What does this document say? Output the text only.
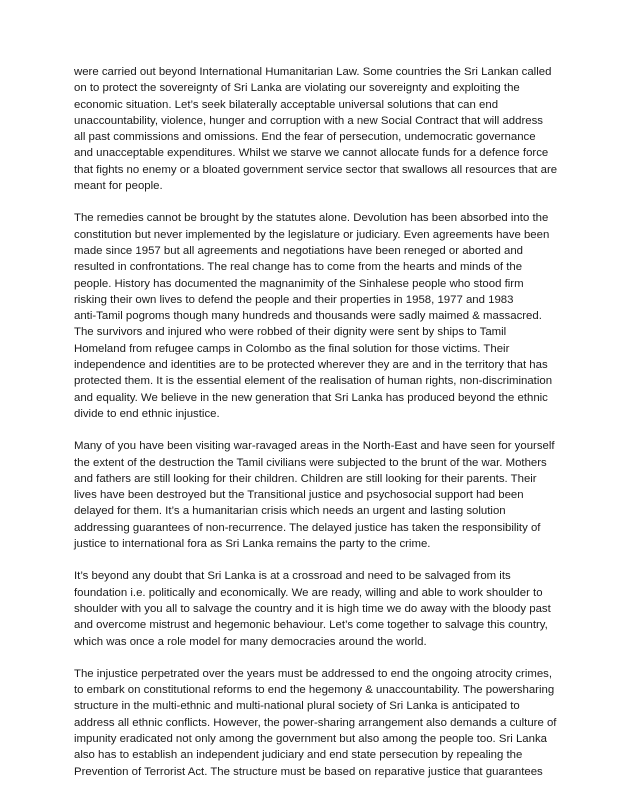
were carried out beyond International Humanitarian Law. Some countries the Sri Lankan called
on to protect the sovereignty of Sri Lanka are violating our sovereignty and exploiting the
economic situation. Let’s seek bilaterally acceptable universal solutions that can end
unaccountability, violence, hunger and corruption with a new Social Contract that will address
all past commissions and omissions. End the fear of persecution, undemocratic governance
and unacceptable expenditures. Whilst we starve we cannot allocate funds for a defence force
that fights no enemy or a bloated government service sector that swallows all resources that are
meant for people.
The remedies cannot be brought by the statutes alone. Devolution has been absorbed into the
constitution but never implemented by the legislature or judiciary. Even agreements have been
made since 1957 but all agreements and negotiations have been reneged or aborted and
resulted in confrontations. The real change has to come from the hearts and minds of the
people. History has documented the magnanimity of the Sinhalese people who stood firm
risking their own lives to defend the people and their properties in 1958, 1977 and 1983
anti-Tamil pogroms though many hundreds and thousands were sadly maimed & massacred.
The survivors and injured who were robbed of their dignity were sent by ships to Tamil
Homeland from refugee camps in Colombo as the final solution for those victims. Their
independence and identities are to be protected wherever they are and in the territory that has
protected them. It is the essential element of the realisation of human rights, non-discrimination
and equality. We believe in the new generation that Sri Lanka has produced beyond the ethnic
divide to end ethnic injustice.
Many of you have been visiting war-ravaged areas in the North-East and have seen for yourself
the extent of the destruction the Tamil civilians were subjected to the brunt of the war. Mothers
and fathers are still looking for their children. Children are still looking for their parents. Their
lives have been destroyed but the Transitional justice and psychosocial support had been
delayed for them. It’s a humanitarian crisis which needs an urgent and lasting solution
addressing guarantees of non-recurrence. The delayed justice has taken the responsibility of
justice to international fora as Sri Lanka remains the party to the crime.
It’s beyond any doubt that Sri Lanka is at a crossroad and need to be salvaged from its
foundation i.e. politically and economically. We are ready, willing and able to work shoulder to
shoulder with you all to salvage the country and it is high time we do away with the bloody past
and overcome mistrust and hegemonic behaviour. Let’s come together to salvage this country,
which was once a role model for many democracies around the world.
The injustice perpetrated over the years must be addressed to end the ongoing atrocity crimes,
to embark on constitutional reforms to end the hegemony & unaccountability. The powersharing
structure in the multi-ethnic and multi-national plural society of Sri Lanka is anticipated to
address all ethnic conflicts. However, the power-sharing arrangement also demands a culture of
impunity eradicated not only among the government but also among the people too. Sri Lanka
also has to establish an independent judiciary and end state persecution by repealing the
Prevention of Terrorist Act. The structure must be based on reparative justice that guarantees
